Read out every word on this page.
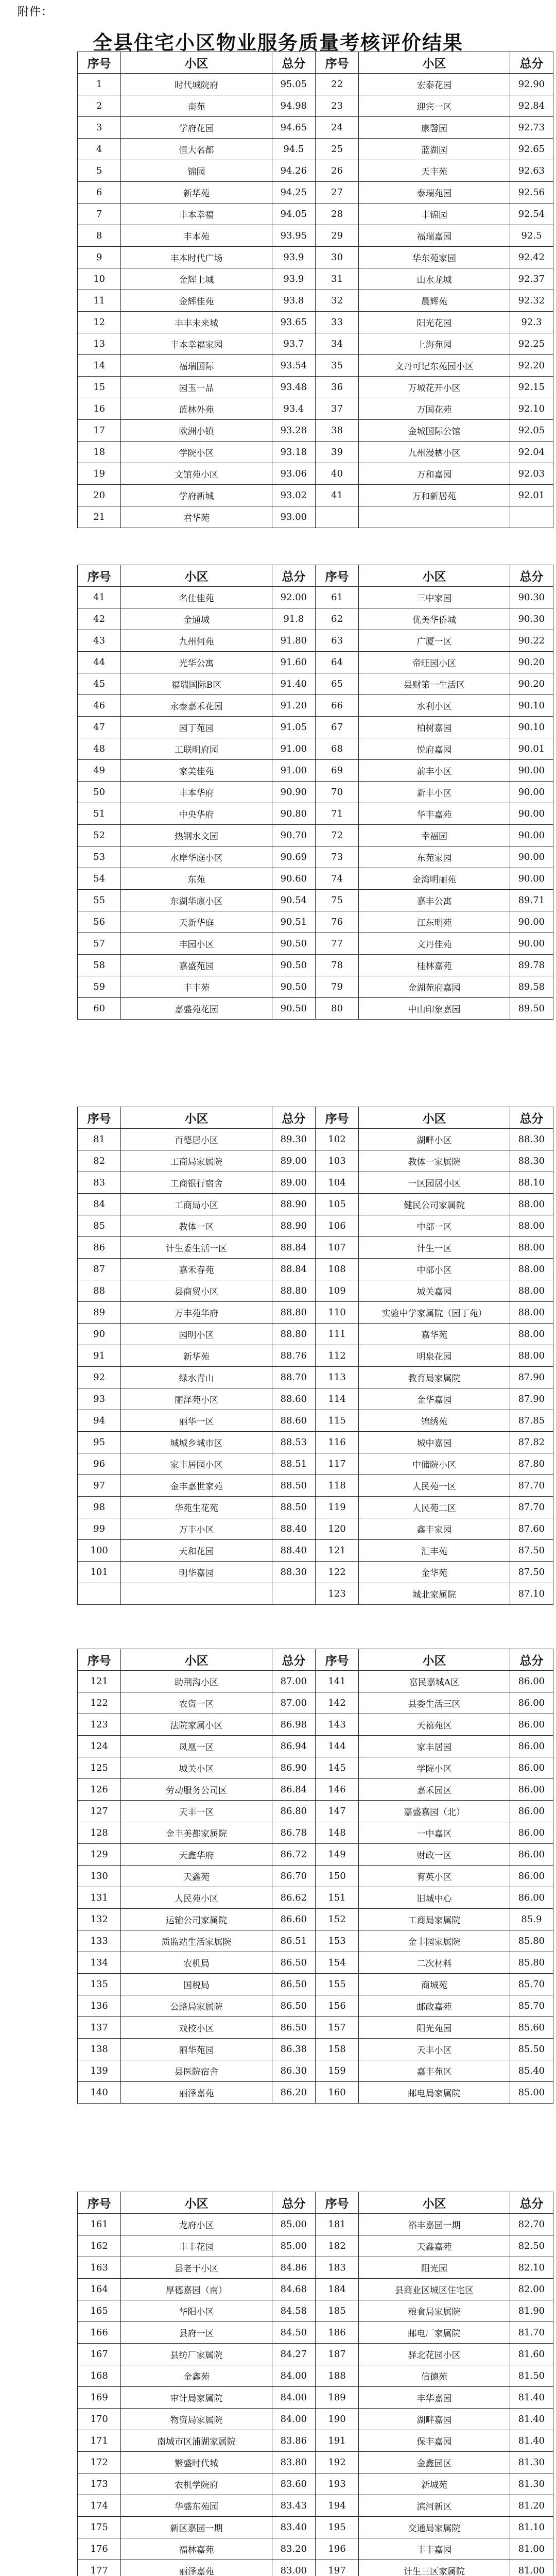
附件：
全县住宅小区物业服务质量考核评价结果
序号	小区	总分	序号	小区	总分
1	时代城院府	95.05	22	宏泰花园	92.90
2	南苑	94.98	23	迎宾一区	92.84
3	学府花园	94.65	24	康馨园	92.73
4	恒大名都	94.5	25	蓝湖园	92.65
5	锦园	94.26	26	天丰苑	92.63
6	新华苑	94.25	27	泰瑞苑园	92.56
7	丰本幸福	94.05	28	丰锦园	92.54
8	丰本苑	93.95	29	福瑞嘉园	92.5
9	丰本时代广场	93.9	30	华东苑家园	92.42
10	金辉上城	93.9	31	山水龙城	92.37
11	金辉佳苑	93.8	32	晨辉苑	92.32
12	丰丰未来城	93.65	33	阳光花园	92.3
13	丰本幸福家园	93.7	34	上海苑园	92.25
14	福瑞国际	93.54	35	文丹可记东苑园小区	92.20
15	园玉一品	93.48	36	万城花开小区	92.15
16	蓝林外苑	93.4	37	万国花苑	92.10
17	欧洲小镇	93.28	38	金城国际公馆	92.05
18	学院小区	93.18	39	九州漫栖小区	92.04
19	文馆苑小区	93.06	40	万和嘉园	92.03
20	学府新城	93.02	41	万和新居苑	92.01
21	君华苑	93.00			
序号	小区	总分	序号	小区	总分
41	名仕佳苑	92.00	61	三中家园	90.30
42	金通城	91.8	62	优美华侨城	90.30
43	九州何苑	91.80	63	广厦一区	90.22
44	光华公寓	91.60	64	帝旺园小区	90.20
45	福瑞国际B区	91.40	65	县财第一生活区	90.20
46	永泰嘉禾花园	91.20	66	水利小区	90.10
47	园丁苑园	91.05	67	柏树嘉园	90.10
48	工联明府园	91.00	68	悦府嘉园	90.01
49	家美佳苑	91.00	69	前丰小区	90.00
50	丰本华府	90.90	70	新丰小区	90.00
51	中央华府	90.80	71	华丰嘉苑	90.00
52	热钢水文园	90.70	72	幸福园	90.00
53	水岸华庭小区	90.69	73	东苑家园	90.00
54	东苑	90.60	74	金湾明丽苑	90.00
55	东湖华康小区	90.54	75	嘉丰公寓	89.71
56	天新华庭	90.51	76	江东明苑	90.00
57	丰园小区	90.50	77	文丹佳苑	90.00
58	嘉盛苑园	90.50	78	桂林嘉苑	89.78
59	丰丰苑	90.50	79	金湖苑府嘉园	89.58
60	嘉盛苑花园	90.50	80	中山印象嘉园	89.50
序号	小区	总分	序号	小区	总分
81	百德居小区	89.30	102	湖畔小区	88.30
82	工商局家属院	89.00	103	教体一家属院	88.30
83	工商银行宿舍	89.00	104	一区园居小区	88.10
84	工商局小区	88.90	105	健民公司家属院	88.00
85	教体一区	88.90	106	中部一区	88.00
86	计生委生活一区	88.84	107	计生一区	88.00
87	嘉禾春苑	88.84	108	中部小区	88.00
88	县商贸小区	88.80	109	城关嘉园	88.00
89	万丰苑华府	88.80	110	实验中学家属院（园丁苑）	88.00
90	园明小区	88.80	111	嘉华苑	88.00
91	新华苑	88.76	112	明泉花园	88.00
92	绿水青山	88.70	113	教育局家属院	87.90
93	丽泽苑小区	88.60	114	金华嘉园	87.90
94	丽华一区	88.60	115	锦绣苑	87.85
95	城城乡城市区	88.53	116	城中嘉园	87.82
96	家丰居园小区	88.51	117	中储院小区	87.80
97	金丰嘉世家苑	88.50	118	人民苑一区	87.70
98	华苑生花苑	88.50	119	人民苑二区	87.70
99	万丰小区	88.40	120	鑫丰家园	87.60
100	天和花园	88.40	121	汇丰苑	87.50
101	明华嘉园	88.30	122	金华苑	87.50
			123	城北家属院	87.10
序号	小区	总分	序号	小区	总分
121	助荆沟小区	87.00	141	富民嘉城A区	86.00
122	农资一区	87.00	142	县委生活三区	86.00
123	法院家属小区	86.98	143	天禧苑区	86.00
124	凤凰一区	86.94	144	家丰居园	86.00
125	城关小区	86.90	145	学院小区	86.00
126	劳动服务公司区	86.84	146	嘉禾园区	86.00
127	天丰一区	86.80	147	嘉盛嘉园（北）	86.00
128	金丰美都家属院	86.78	148	一中嘉区	86.00
129	天鑫华府	86.72	149	财政一区	86.00
130	天鑫苑	86.70	150	育英小区	86.00
131	人民苑小区	86.62	151	旧城中心	86.00
132	运输公司家属院	86.60	152	工商局家属院	85.9
133	质监站生活家属院	86.51	153	金丰园家属院	85.80
134	农机局	86.50	154	二次材料	85.80
135	国税局	86.50	155	商城苑	85.70
136	公路局家属院	86.50	156	邮政嘉苑	85.70
137	戏校小区	86.50	157	阳光苑园	85.60
138	丽华苑园	86.38	158	天丰小区	85.50
139	县医院宿舍	86.30	159	嘉丰苑区	85.40
140	丽泽嘉苑	86.20	160	邮电局家属院	85.00
序号	小区	总分	序号	小区	总分
161	龙府小区	85.00	181	裕丰嘉园一期	82.70
162	丰丰花园	85.00	182	天鑫嘉苑	82.50
163	县老干小区	84.86	183	阳光园	82.10
164	厚德嘉园（南）	84.68	184	县商业区城区住宅区	82.00
165	华阳小区	84.58	185	粮食局家属院	81.90
166	县府一区	84.50	186	邮电厂家属院	81.70
167	县纺厂家属院	84.27	187	驿北花园小区	81.60
168	金鑫苑	84.00	188	信德苑	81.50
169	审计局家属院	84.00	189	丰华嘉园	81.40
170	物资局家属院	84.00	190	湖畔嘉园	81.40
171	南城市区浦湖家属院	83.86	191	保丰嘉园	81.40
172	繁盛时代城	83.80	192	金鑫园区	81.30
173	农机学院府	83.60	193	新城苑	81.30
174	华盛东苑园	83.43	194	滨河新区	81.20
175	新区嘉园一期	83.40	195	交通局家属院	81.10
176	福林嘉苑	83.20	196	丰丰嘉园	81.00
177	丽泽嘉苑	83.00	197	计生三区家属院	81.00
